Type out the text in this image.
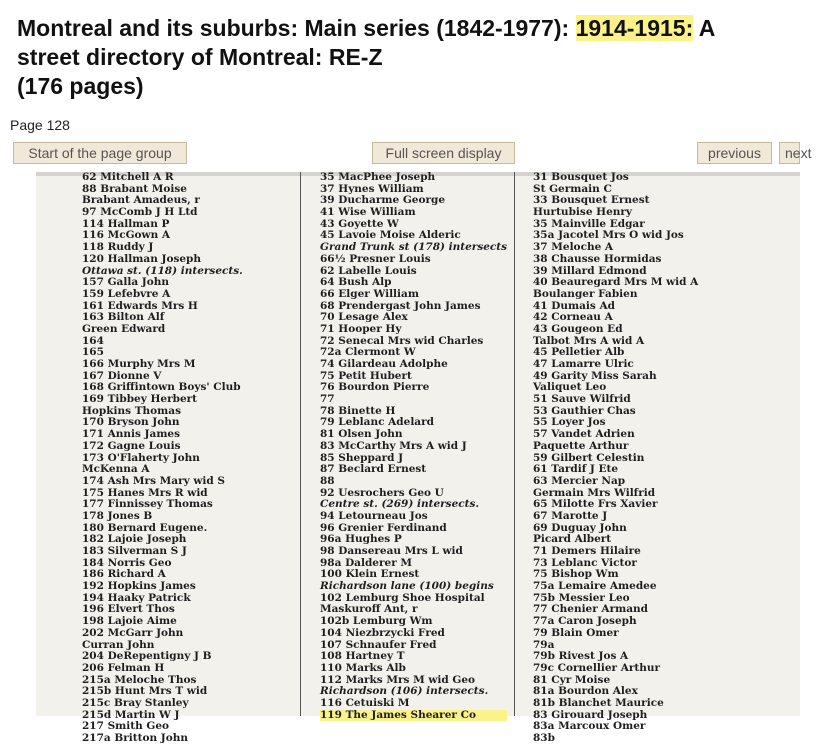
Montreal and its suburbs: Main series (1842-1977): 1914-1915: A
street directory of Montreal: RE-Z
(176 pages)
Page 128
Start of the page group	Full screen display	previous	next
62 Mitchell A R
88 Brabant Moise
Brabant Amadeus, r
97 McComb J H Ltd
114 Hallman P
116 McGown A
118 Ruddy J
120 Hallman Joseph
Ottawa st. (118) intersects.
157 Galla John
159 Lefebvre A
161 Edwards Mrs H
163 Bilton Alf
Green Edward
164
165
166 Murphy Mrs M
167 Dionne V
168 Griffintown Boys' Club
169 Tibbey Herbert
Hopkins Thomas
170 Bryson John
171 Annis James
172 Gagne Louis
173 O'Flaherty John
McKenna A
174 Ash Mrs Mary wid S
175 Hanes Mrs R wid
177 Finnissey Thomas
178 Jones B
180 Bernard Eugene.
182 Lajoie Joseph
183 Silverman S J
184 Norris Geo
186 Richard A
192 Hopkins James
194 Haaky Patrick
196 Elvert Thos
198 Lajoie Aime
202 McGarr John
Curran John
204 DeRepentigny J B
206 Felman H
215a Meloche Thos
215b Hunt Mrs T wid
215c Bray Stanley
215d Martin W J
217 Smith Geo
217a Britton John
35 MacPhee Joseph
37 Hynes William
39 Ducharme George
41 Wise William
43 Goyette W
45 Lavoie Moise Alderic
Grand Trunk st (178) intersects
66½ Presner Louis
62 Labelle Louis
64 Bush Alp
66 Elger William
68 Prendergast John James
70 Lesage Alex
71 Hooper Hy
72 Senecal Mrs wid Charles
72a Clermont W
74 Gilardeau Adolphe
75 Petit Hubert
76 Bourdon Pierre
77
78 Binette H
79 Leblanc Adelard
81 Olsen John
83 McCarthy Mrs A wid J
85 Sheppard J
87 Beclard Ernest
88
92 Uesrochers Geo U
Centre st. (269) intersects.
94 Letourneau Jos
96 Grenier Ferdinand
96a Hughes P
98 Dansereau Mrs L wid
98a Dalderer M
100 Klein Ernest
Richardson lane (100) begins
102 Lemburg Shoe Hospital
Maskuroff Ant, r
102b Lemburg Wm
104 Niezbrzycki Fred
107 Schnaufer Fred
108 Hartney T
110 Marks Alb
112 Marks Mrs M wid Geo
Richardson (106) intersects.
116 Cetuiski M
119 The James Shearer Co
31 Bousquet Jos
St Germain C
33 Bousquet Ernest
Hurtubise Henry
35 Mainville Edgar
35a Jacotel Mrs O wid Jos
37 Meloche A
38 Chausse Hormidas
39 Millard Edmond
40 Beauregard Mrs M wid A
Boulanger Fabien
41 Dumais Ad
42 Corneau A
43 Gougeon Ed
Talbot Mrs A wid A
45 Pelletier Alb
47 Lamarre Ulric
49 Garity Miss Sarah
Valiquet Leo
51 Sauve Wilfrid
53 Gauthier Chas
55 Loyer Jos
57 Vandet Adrien
Paquette Arthur
59 Gilbert Celestin
61 Tardif J Ete
63 Mercier Nap
Germain Mrs Wilfrid
65 Milotte Frs Xavier
67 Marotte J
69 Duguay John
Picard Albert
71 Demers Hilaire
73 Leblanc Victor
75 Bishop Wm
75a Lemaire Amedee
75b Messier Leo
77 Chenier Armand
77a Caron Joseph
79 Blain Omer
79a
79b Rivest Jos A
79c Cornellier Arthur
81 Cyr Moise
81a Bourdon Alex
81b Blanchet Maurice
83 Girouard Joseph
83a Marcoux Omer
83b
